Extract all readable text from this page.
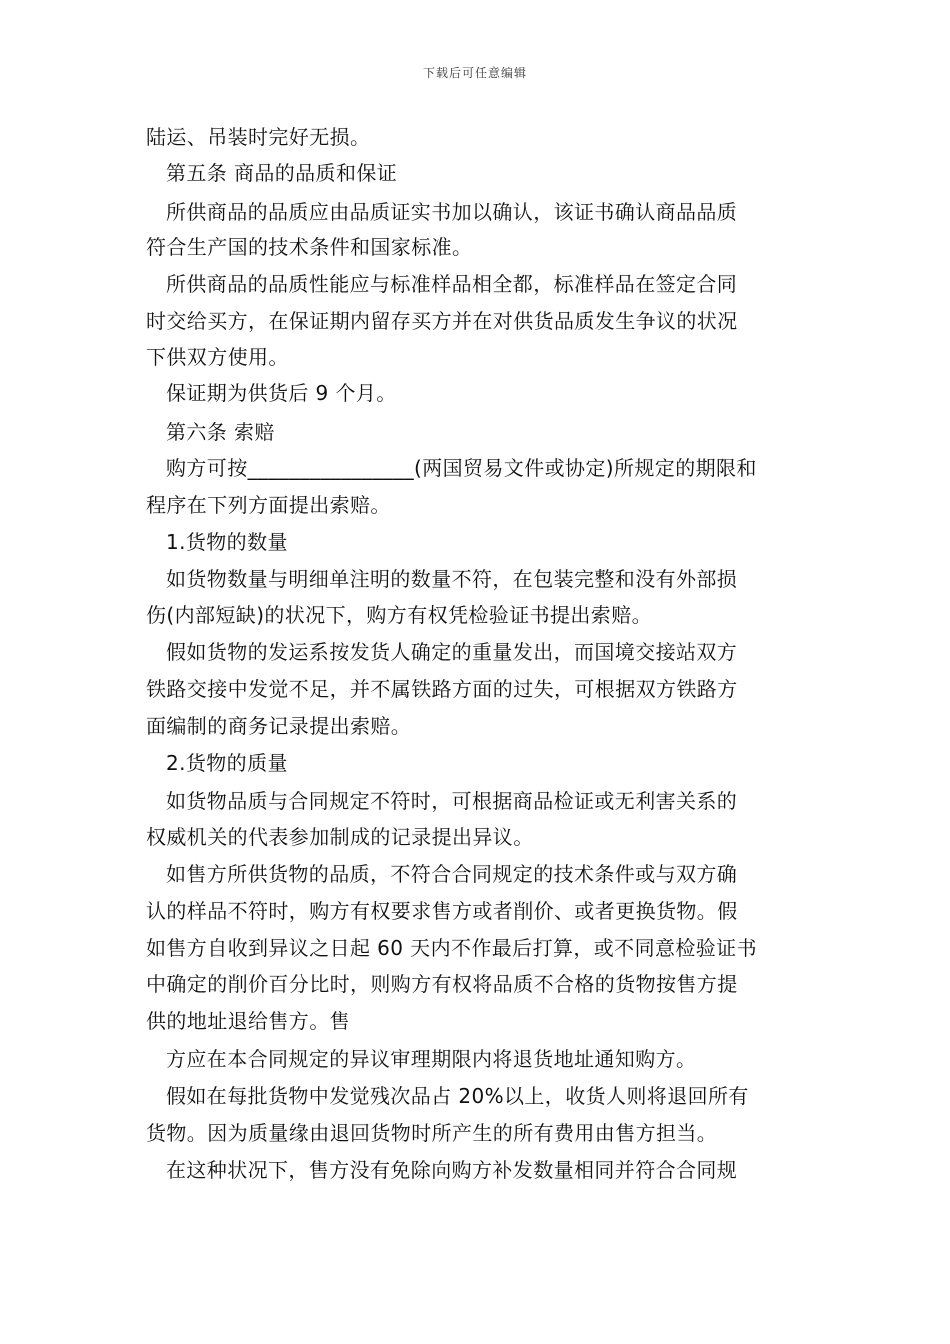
下载后可任意编辑
陆运、吊装时完好无损。
第五条 商品的品质和保证
所供商品的品质应由品质证实书加以确认，该证书确认商品品质
符合生产国的技术条件和国家标准。
所供商品的品质性能应与标准样品相全都，标准样品在签定合同
时交给买方，在保证期内留存买方并在对供货品质发生争议的状况
下供双方使用。
保证期为供货后 9 个月。
第六条 索赔
购方可按________________(两国贸易文件或协定)所规定的期限和
程序在下列方面提出索赔。
1.货物的数量
如货物数量与明细单注明的数量不符，在包装完整和没有外部损
伤(内部短缺)的状况下，购方有权凭检验证书提出索赔。
假如货物的发运系按发货人确定的重量发出，而国境交接站双方
铁路交接中发觉不足，并不属铁路方面的过失，可根据双方铁路方
面编制的商务记录提出索赔。
2.货物的质量
如货物品质与合同规定不符时，可根据商品检证或无利害关系的
权威机关的代表参加制成的记录提出异议。
如售方所供货物的品质，不符合合同规定的技术条件或与双方确
认的样品不符时，购方有权要求售方或者削价、或者更换货物。假
如售方自收到异议之日起 60 天内不作最后打算，或不同意检验证书
中确定的削价百分比时，则购方有权将品质不合格的货物按售方提
供的地址退给售方。售
方应在本合同规定的异议审理期限内将退货地址通知购方。
假如在每批货物中发觉残次品占 20%以上，收货人则将退回所有
货物。因为质量缘由退回货物时所产生的所有费用由售方担当。
在这种状况下，售方没有免除向购方补发数量相同并符合合同规
